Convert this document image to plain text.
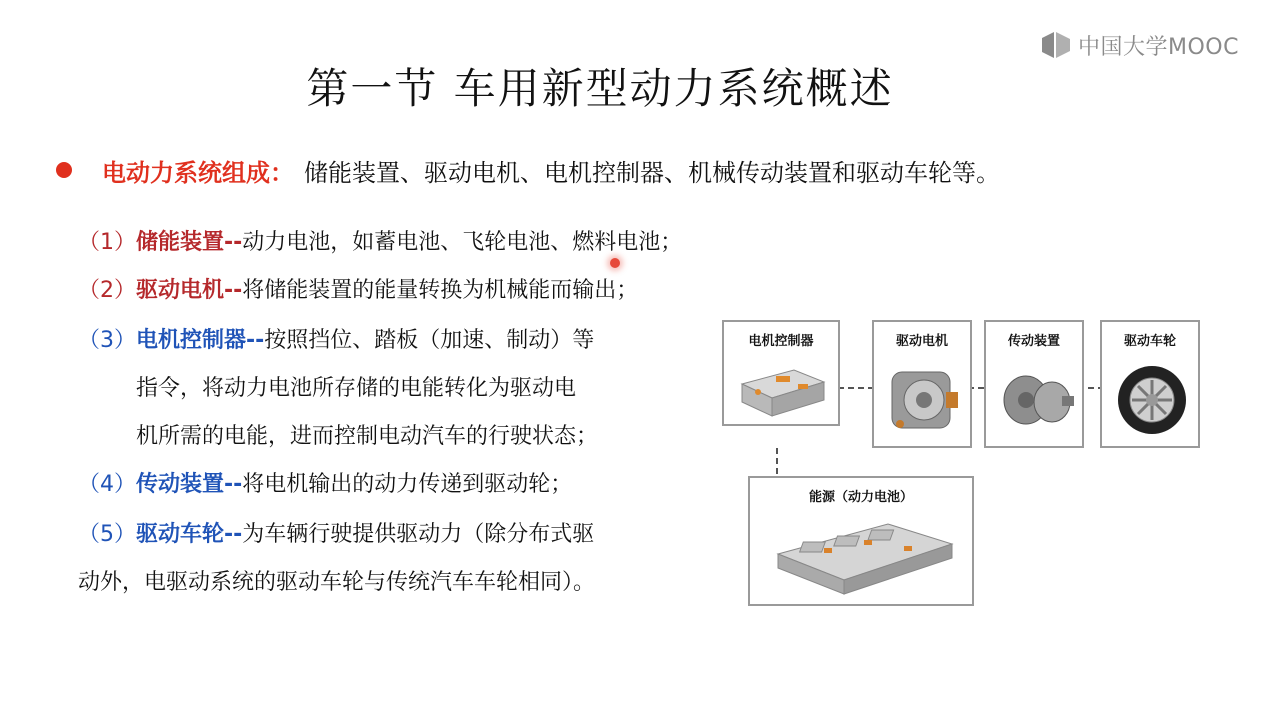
中国大学MOOC
第一节 车用新型动力系统概述
电动力系统组成： 储能装置、驱动电机、电机控制器、机械传动装置和驱动车轮等。
（1）储能装置--动力电池，如蓄电池、飞轮电池、燃料电池；
（2）驱动电机--将储能装置的能量转换为机械能而输出；
（3）电机控制器--按照挡位、踏板（加速、制动）等
指令，将动力电池所存储的电能转化为驱动电
机所需的电能，进而控制电动汽车的行驶状态；
（4）传动装置--将电机输出的动力传递到驱动轮；
（5）驱动车轮--为车辆行驶提供驱动力（除分布式驱
动外，电驱动系统的驱动车轮与传统汽车车轮相同）。
电机控制器	驱动电机	传动装置	驱动车轮
能源（动力电池）
